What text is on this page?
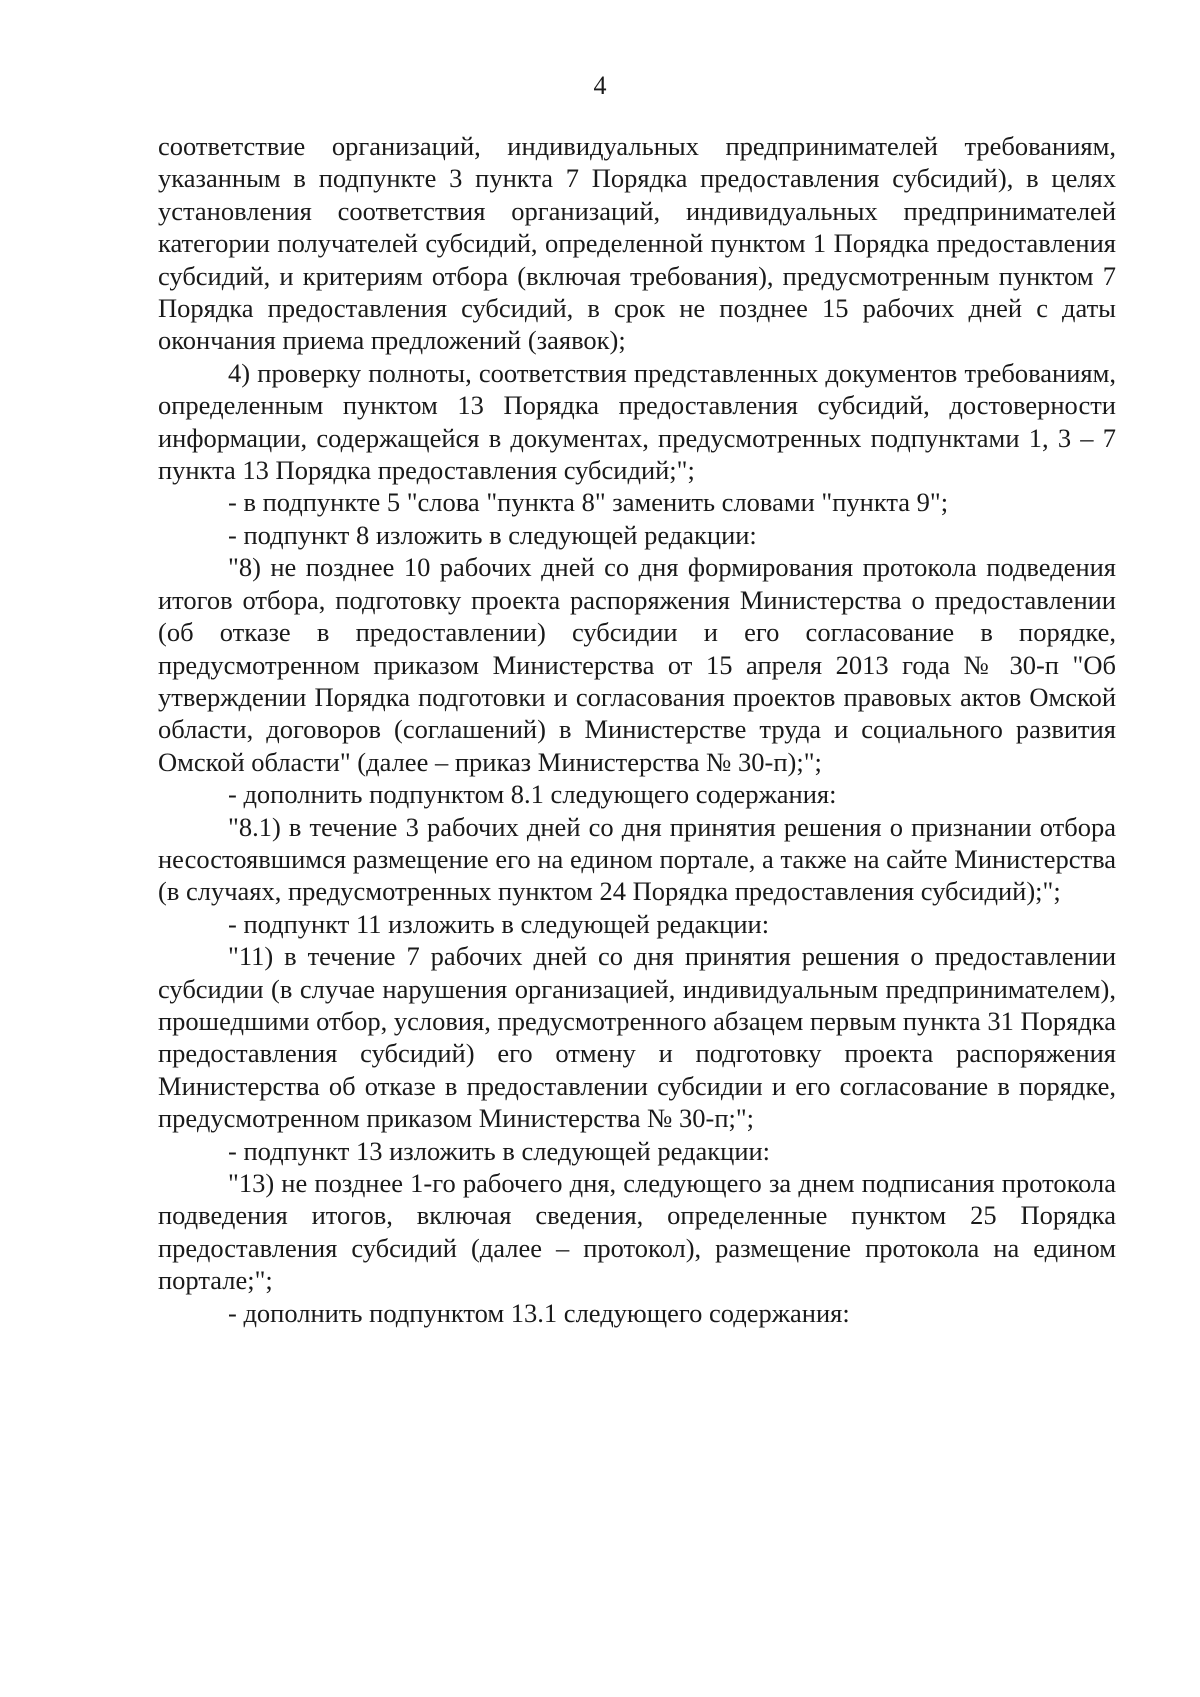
4

соответствие организаций, индивидуальных предпринимателей требованиям, указанным в подпункте 3 пункта 7 Порядка предоставления субсидий), в целях установления соответствия организаций, индивидуальных предпринимателей категории получателей субсидий, определенной пунктом 1 Порядка предоставления субсидий, и критериям отбора (включая требования), предусмотренным пунктом 7 Порядка предоставления субсидий, в срок не позднее 15 рабочих дней с даты окончания приема предложений (заявок);

4) проверку полноты, соответствия представленных документов требованиям, определенным пунктом 13 Порядка предоставления субсидий, достоверности информации, содержащейся в документах, предусмотренных подпунктами 1, 3 – 7 пункта 13 Порядка предоставления субсидий;";

- в подпункте 5 "слова "пункта 8" заменить словами "пункта 9";

- подпункт 8 изложить в следующей редакции:

"8) не позднее 10 рабочих дней со дня формирования протокола подведения итогов отбора, подготовку проекта распоряжения Министерства о предоставлении (об отказе в предоставлении) субсидии и его согласование в порядке, предусмотренном приказом Министерства от 15 апреля 2013 года № 30-п "Об утверждении Порядка подготовки и согласования проектов правовых актов Омской области, договоров (соглашений) в Министерстве труда и социального развития Омской области" (далее – приказ Министерства № 30-п);";

- дополнить подпунктом 8.1 следующего содержания:

"8.1) в течение 3 рабочих дней со дня принятия решения о признании отбора несостоявшимся размещение его на едином портале, а также на сайте Министерства (в случаях, предусмотренных пунктом 24 Порядка предоставления субсидий);";

- подпункт 11 изложить в следующей редакции:

"11) в течение 7 рабочих дней со дня принятия решения о предоставлении субсидии (в случае нарушения организацией, индивидуальным предпринимателем), прошедшими отбор, условия, предусмотренного абзацем первым пункта 31 Порядка предоставления субсидий) его отмену и подготовку проекта распоряжения Министерства об отказе в предоставлении субсидии и его согласование в порядке, предусмотренном приказом Министерства № 30-п;";

- подпункт 13 изложить в следующей редакции:

"13) не позднее 1-го рабочего дня, следующего за днем подписания протокола подведения итогов, включая сведения, определенные пунктом 25 Порядка предоставления субсидий (далее – протокол), размещение протокола на едином портале;";

- дополнить подпунктом 13.1 следующего содержания:
